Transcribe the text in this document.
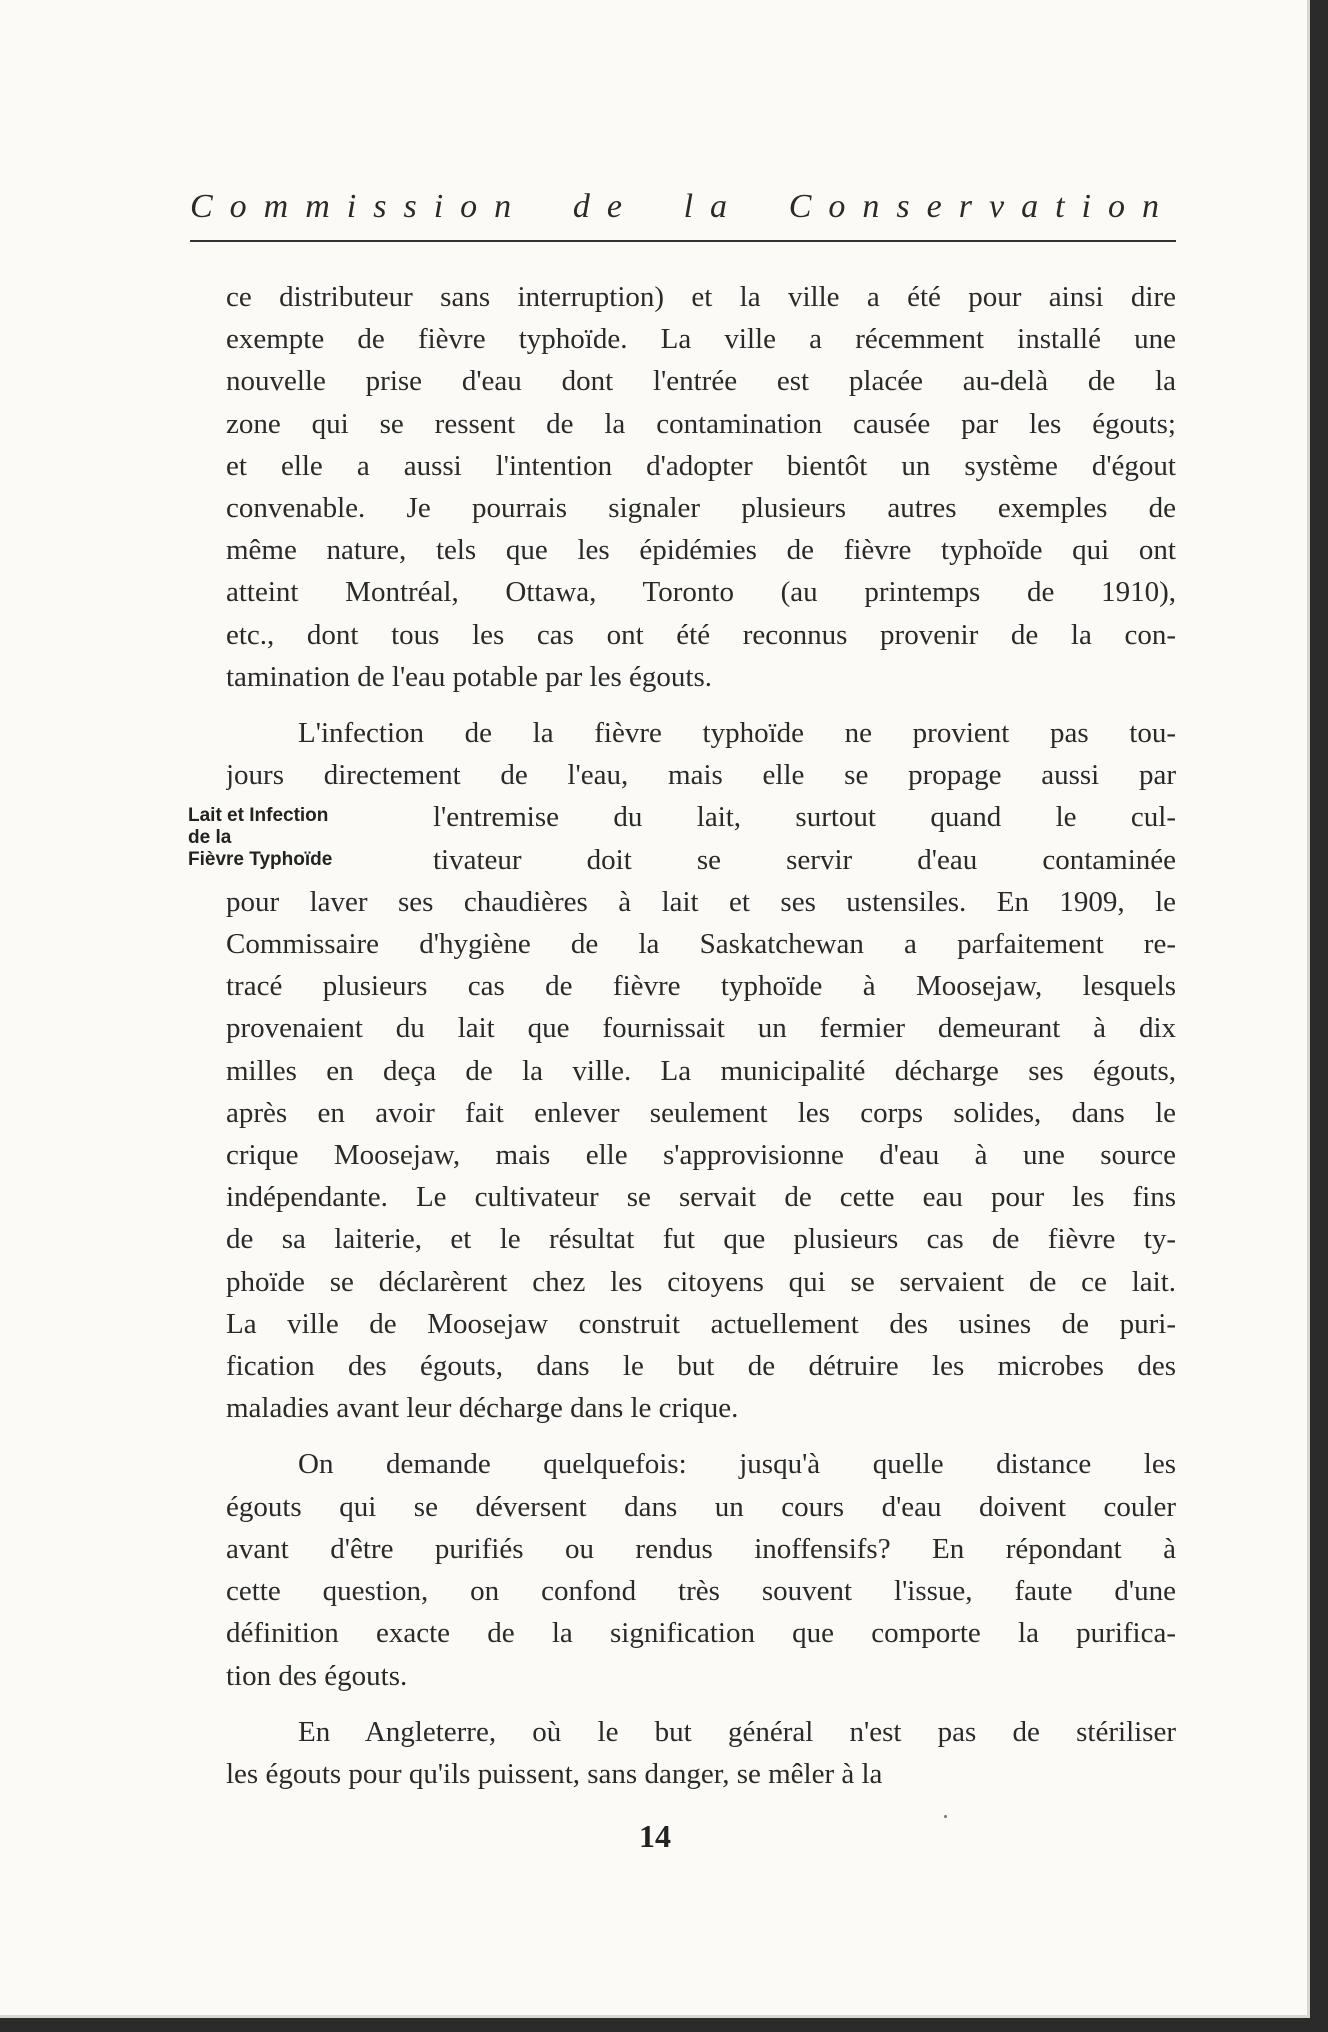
Commission de la Conservation
Lait et Infection
de la
Fièvre Typhoïde
ce distributeur sans interruption) et la ville a été pour ainsi dire
exempte de fièvre typhoïde. La ville a récemment installé une
nouvelle prise d'eau dont l'entrée est placée au-delà de la
zone qui se ressent de la contamination causée par les égouts;
et elle a aussi l'intention d'adopter bientôt un système d'égout
convenable. Je pourrais signaler plusieurs autres exemples de
même nature, tels que les épidémies de fièvre typhoïde qui ont
atteint Montréal, Ottawa, Toronto (au printemps de 1910),
etc., dont tous les cas ont été reconnus provenir de la con-
tamination de l'eau potable par les égouts.
L'infection de la fièvre typhoïde ne provient pas tou-
jours directement de l'eau, mais elle se propage aussi par
l'entremise du lait, surtout quand le cul-
tivateur doit se servir d'eau contaminée
pour laver ses chaudières à lait et ses ustensiles. En 1909, le
Commissaire d'hygiène de la Saskatchewan a parfaitement re-
tracé plusieurs cas de fièvre typhoïde à Moosejaw, lesquels
provenaient du lait que fournissait un fermier demeurant à dix
milles en deça de la ville. La municipalité décharge ses égouts,
après en avoir fait enlever seulement les corps solides, dans le
crique Moosejaw, mais elle s'approvisionne d'eau à une source
indépendante. Le cultivateur se servait de cette eau pour les fins
de sa laiterie, et le résultat fut que plusieurs cas de fièvre ty-
phoïde se déclarèrent chez les citoyens qui se servaient de ce lait.
La ville de Moosejaw construit actuellement des usines de puri-
fication des égouts, dans le but de détruire les microbes des
maladies avant leur décharge dans le crique.
On demande quelquefois: jusqu'à quelle distance les
égouts qui se déversent dans un cours d'eau doivent couler
avant d'être purifiés ou rendus inoffensifs? En répondant à
cette question, on confond très souvent l'issue, faute d'une
définition exacte de la signification que comporte la purifica-
tion des égouts.
En Angleterre, où le but général n'est pas de stériliser
les égouts pour qu'ils puissent, sans danger, se mêler à la
14
